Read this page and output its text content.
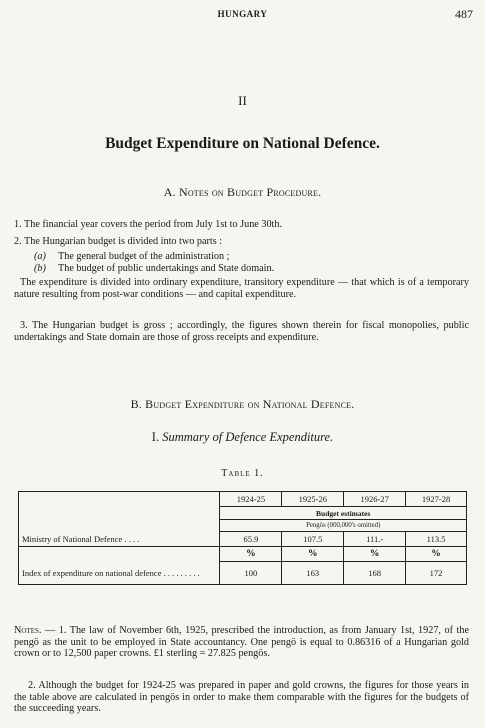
HUNGARY	487
II
Budget Expenditure on National Defence.
A. Notes on Budget Procedure.
1. The financial year covers the period from July 1st to June 30th.
2. The Hungarian budget is divided into two parts :
(a) The general budget of the administration ;
(b) The budget of public undertakings and State domain.
The expenditure is divided into ordinary expenditure, transitory expenditure — that which is of a temporary nature resulting from post-war conditions — and capital expenditure.
3. The Hungarian budget is gross ; accordingly, the figures shown therein for fiscal monopolies, public undertakings and State domain are those of gross receipts and expenditure.
B. Budget Expenditure on National Defence.
I. Summary of Defence Expenditure.
Table 1.
	1924-25	1925-26	1926-27	1927-28
	Budget estimates			
	Pengös (000,000's omitted)			
Ministry of National Defence . . . .	65.9	107.5	111.-	113.5
	%	%	%	%
Index of expenditure on national defence . . . . . . . . .	100	163	168	172
Notes. — 1. The law of November 6th, 1925, prescribed the introduction, as from January 1st, 1927, of the pengö as the unit to be employed in State accountancy. One pengö is equal to 0.86316 of a Hungarian gold crown or to 12,500 paper crowns. £1 sterling = 27.825 pengös.
2. Although the budget for 1924-25 was prepared in paper and gold crowns, the figures for those years in the table above are calculated in pengös in order to make them comparable with the figures for the budgets of the succeeding years.
